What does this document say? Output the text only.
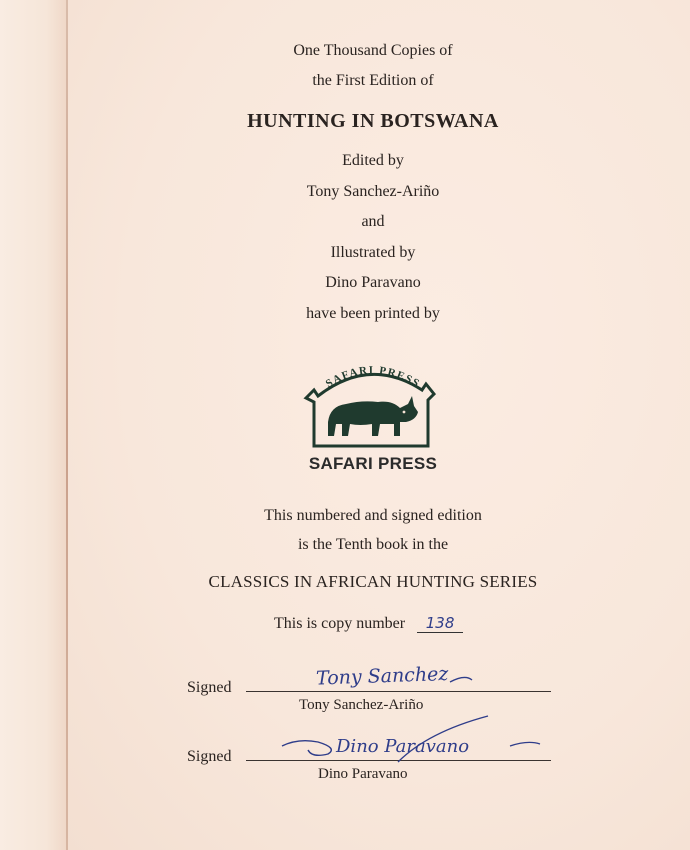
One Thousand Copies of
the First Edition of
HUNTING IN BOTSWANA
Edited by
Tony Sanchez-Ariño
and
Illustrated by
Dino Paravano
have been printed by
SAFARI PRESS
SAFARI PRESS
This numbered and signed edition
is the Tenth book in the
CLASSICS IN AFRICAN HUNTING SERIES
This is copy number 138
Signed	Tony Sanchez
Tony Sanchez-Ariño
Signed	Dino Paravano
Dino Paravano
